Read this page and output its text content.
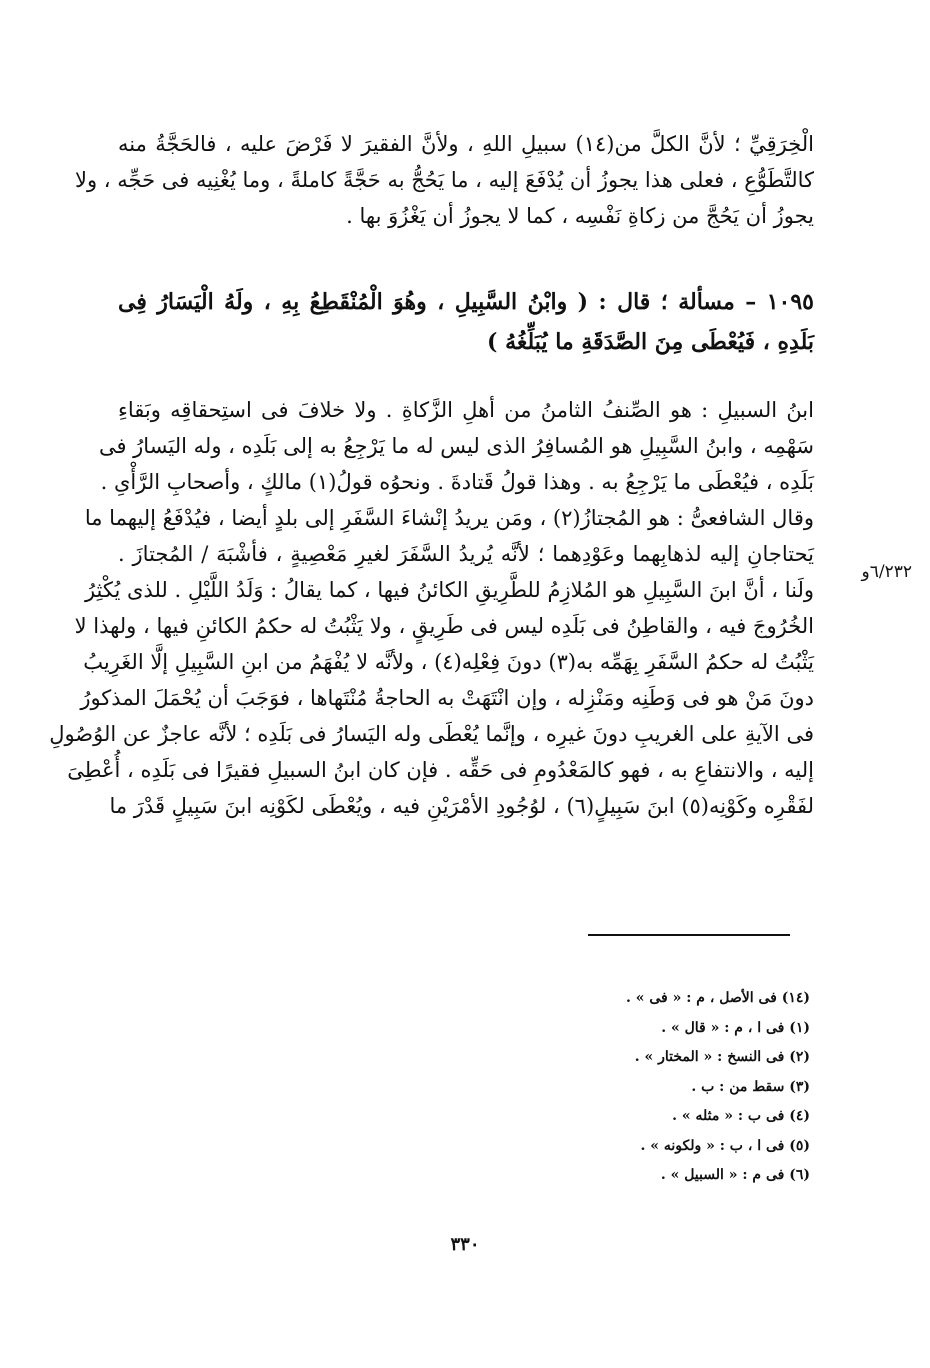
الْخِرَقِيِّ ؛ لأنَّ الكلَّ من(١٤) سبيلِ اللهِ ، ولأنَّ الفقيرَ لا فَرْضَ عليه ، فالحَجَّةُ منه
كالتَّطَوُّعِ ، فعلى هذا يجوزُ أن يُدْفَعَ إليه ، ما يَحُجُّ به حَجَّةً كاملةً ، وما يُغْنِيه فى حَجِّه ، ولا
يجوزُ أن يَحُجَّ من زكاةِ نَفْسِه ، كما لا يجوزُ أن يَغْزُوَ بها .
١٠٩٥ – مسألة ؛ قال : ( وابْنُ السَّبِيلِ ، وهُوَ الْمُنْقَطِعُ بِهِ ، ولَهُ الْيَسَارُ فِى
بَلَدِهِ ، فَيُعْطَى مِنَ الصَّدَقَةِ ما يُبَلِّغُهُ )
ابنُ السبيلِ : هو الصِّنفُ الثامنُ من أهلِ الزَّكاةِ . ولا خلافَ فى استِحقاقِه وبَقاءِ
سَهْمِه ، وابنُ السَّبِيلِ هو المُسافِرُ الذى ليس له ما يَرْجِعُ به إلى بَلَدِه ، وله اليَسارُ فى
بَلَدِه ، فيُعْطَى ما يَرْجِعُ به . وهذا قولُ قَتادةَ . ونحوُه قولُ(١) مالكٍ ، وأصحابِ الرَّأْىِ .
وقال الشافعىُّ : هو المُجتازُ(٢) ، ومَن يريدُ إنْشاءَ السَّفَرِ إلى بلدٍ أيضا ، فيُدْفَعُ إليهما ما
يَحتاجانِ إليه لذهابِهما وعَوْدِهما ؛ لأنَّه يُريدُ السَّفَرَ لغيرِ مَعْصِيةٍ ، فأشْبَهَ / المُجتازَ .
ولَنا ، أنَّ ابنَ السَّبِيلِ هو المُلازِمُ للطَّرِيقِ الكائنُ فيها ، كما يقالُ : وَلَدُ اللَّيْلِ . للذى يُكْثِرُ
الخُرُوجَ فيه ، والقاطِنُ فى بَلَدِه ليس فى طَرِيقٍ ، ولا يَثْبُتُ له حكمُ الكائنِ فيها ، ولهذا لا
يَثْبُتُ له حكمُ السَّفَرِ بِهَمِّه به(٣) دونَ فِعْلِه(٤) ، ولأنَّه لا يُفْهَمُ من ابنِ السَّبِيلِ إلَّا الغَرِيبُ
دونَ مَنْ هو فى وَطَنِه ومَنْزِله ، وإن انْتَهَتْ به الحاجةُ مُنْتَهاها ، فوَجَبَ أن يُحْمَلَ المذكورُ
فى الآيةِ على الغريبِ دونَ غيرِه ، وإنَّما يُعْطَى وله اليَسارُ فى بَلَدِه ؛ لأنَّه عاجزٌ عن الوُصُولِ
إليه ، والانتفاعِ به ، فهو كالمَعْدُومِ فى حَقِّه . فإن كان ابنُ السبيلِ فقيرًا فى بَلَدِه ، أُعْطِىَ
لفَقْرِه وكَوْنِه(٥) ابنَ سَبِيلٍ(٦) ، لوُجُودِ الأمْرَيْنِ فيه ، ويُعْطَى لكَوْنِه ابنَ سَبِيلٍ قَدْرَ ما
٦/٢٣٢و
(١٤) فى الأصل ، م : « فى » .
(١) فى ا ، م : « قال » .
(٢) فى النسخ : « المختار » .
(٣) سقط من : ب .
(٤) فى ب : « مثله » .
(٥) فى ا ، ب : « ولكونه » .
(٦) فى م : « السبيل » .
٣٣٠
